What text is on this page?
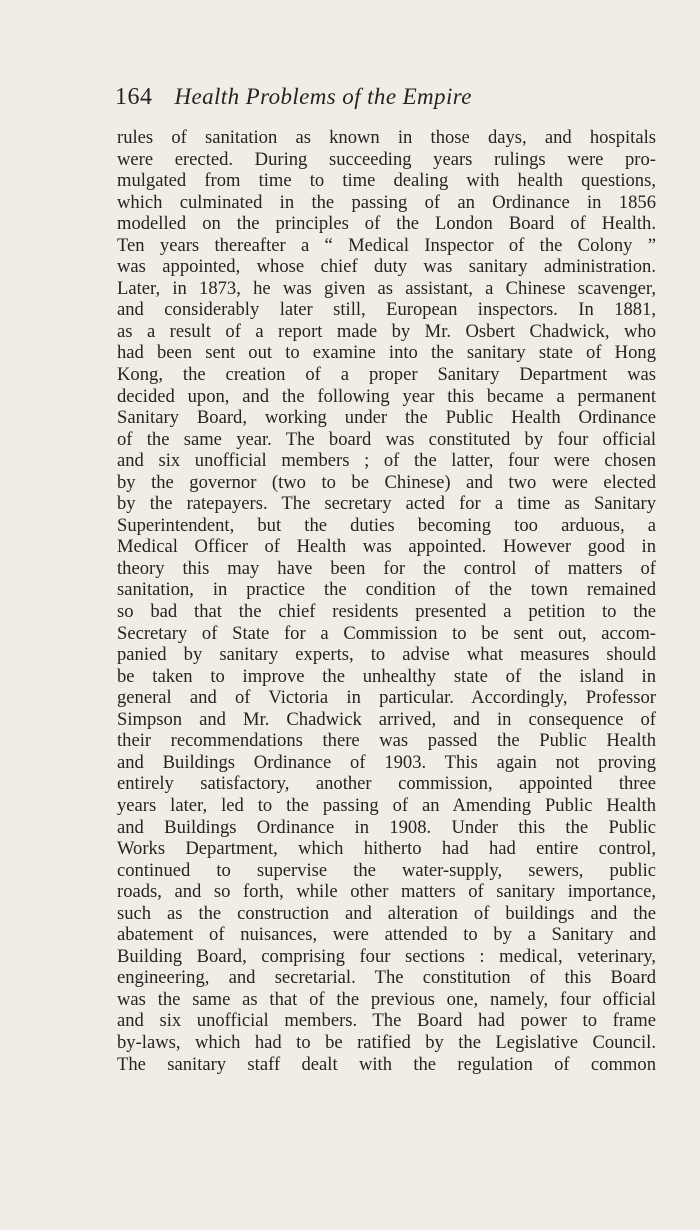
164 Health Problems of the Empire
rules of sanitation as known in those days, and hospitals
were erected. During succeeding years rulings were pro-
mulgated from time to time dealing with health questions,
which culminated in the passing of an Ordinance in 1856
modelled on the principles of the London Board of Health.
Ten years thereafter a “ Medical Inspector of the Colony ”
was appointed, whose chief duty was sanitary administration.
Later, in 1873, he was given as assistant, a Chinese scavenger,
and considerably later still, European inspectors. In 1881,
as a result of a report made by Mr. Osbert Chadwick, who
had been sent out to examine into the sanitary state of Hong
Kong, the creation of a proper Sanitary Department was
decided upon, and the following year this became a permanent
Sanitary Board, working under the Public Health Ordinance
of the same year. The board was constituted by four official
and six unofficial members ; of the latter, four were chosen
by the governor (two to be Chinese) and two were elected
by the ratepayers. The secretary acted for a time as Sanitary
Superintendent, but the duties becoming too arduous, a
Medical Officer of Health was appointed. However good in
theory this may have been for the control of matters of
sanitation, in practice the condition of the town remained
so bad that the chief residents presented a petition to the
Secretary of State for a Commission to be sent out, accom-
panied by sanitary experts, to advise what measures should
be taken to improve the unhealthy state of the island in
general and of Victoria in particular. Accordingly, Professor
Simpson and Mr. Chadwick arrived, and in consequence of
their recommendations there was passed the Public Health
and Buildings Ordinance of 1903. This again not proving
entirely satisfactory, another commission, appointed three
years later, led to the passing of an Amending Public Health
and Buildings Ordinance in 1908. Under this the Public
Works Department, which hitherto had had entire control,
continued to supervise the water-supply, sewers, public
roads, and so forth, while other matters of sanitary importance,
such as the construction and alteration of buildings and the
abatement of nuisances, were attended to by a Sanitary and
Building Board, comprising four sections : medical, veterinary,
engineering, and secretarial. The constitution of this Board
was the same as that of the previous one, namely, four official
and six unofficial members. The Board had power to frame
by-laws, which had to be ratified by the Legislative Council.
The sanitary staff dealt with the regulation of common
